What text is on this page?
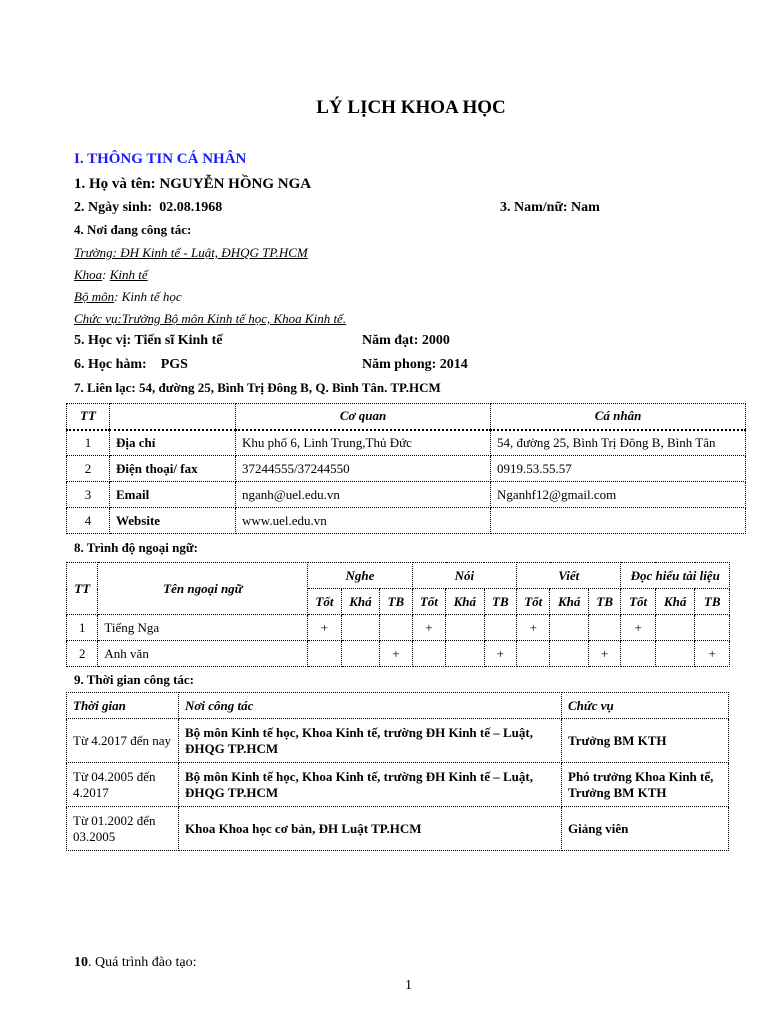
LÝ LỊCH KHOA HỌC
I. THÔNG TIN CÁ NHÂN
1. Họ và tên: NGUYỄN HỒNG NGA
2. Ngày sinh: 02.08.1968	3. Nam/nữ: Nam
4. Nơi đang công tác:
Trường: ĐH Kinh tế - Luật, ĐHQG TP.HCM
Khoa: Kinh tế
Bộ môn: Kinh tế học
Chức vụ:Trưởng Bộ môn Kinh tế học, Khoa Kinh tế.
5. Học vị: Tiến sĩ Kinh tế	Năm đạt: 2000
6. Học hàm: PGS	Năm phong: 2014
7. Liên lạc: 54, đường 25, Bình Trị Đông B, Q. Bình Tân. TP.HCM
TT		Cơ quan	Cá nhân
1	Địa chỉ	Khu phố 6, Linh Trung,Thủ Đức	54, đường 25, Bình Trị Đông B, Bình Tân
2	Điện thoại/ fax	37244555/37244550	0919.53.55.57
3	Email	nganh@uel.edu.vn	Nganhf12@gmail.com
4	Website	www.uel.edu.vn	
8. Trình độ ngoại ngữ:
TT	Tên ngoại ngữ	Nghe			Nói			Viết			Đọc hiểu tài liệu		
		Tốt	Khá	TB	Tốt	Khá	TB	Tốt	Khá	TB	Tốt	Khá	TB
1	Tiếng Nga	+			+			+			+		
2	Anh văn			+			+			+			+
9. Thời gian công tác:
Thời gian	Nơi công tác	Chức vụ
Từ 4.2017 đến nay	Bộ môn Kinh tế học, Khoa Kinh tế, trường ĐH Kinh tế – Luật, ĐHQG TP.HCM	Trưởng BM KTH
Từ 04.2005 đến 4.2017	Bộ môn Kinh tế học, Khoa Kinh tế, trường ĐH Kinh tế – Luật, ĐHQG TP.HCM	Phó trưởng Khoa Kinh tế, Trưởng BM KTH
Từ 01.2002 đến 03.2005	Khoa Khoa học cơ bản, ĐH Luật TP.HCM	Giảng viên
10. Quá trình đào tạo:
1
